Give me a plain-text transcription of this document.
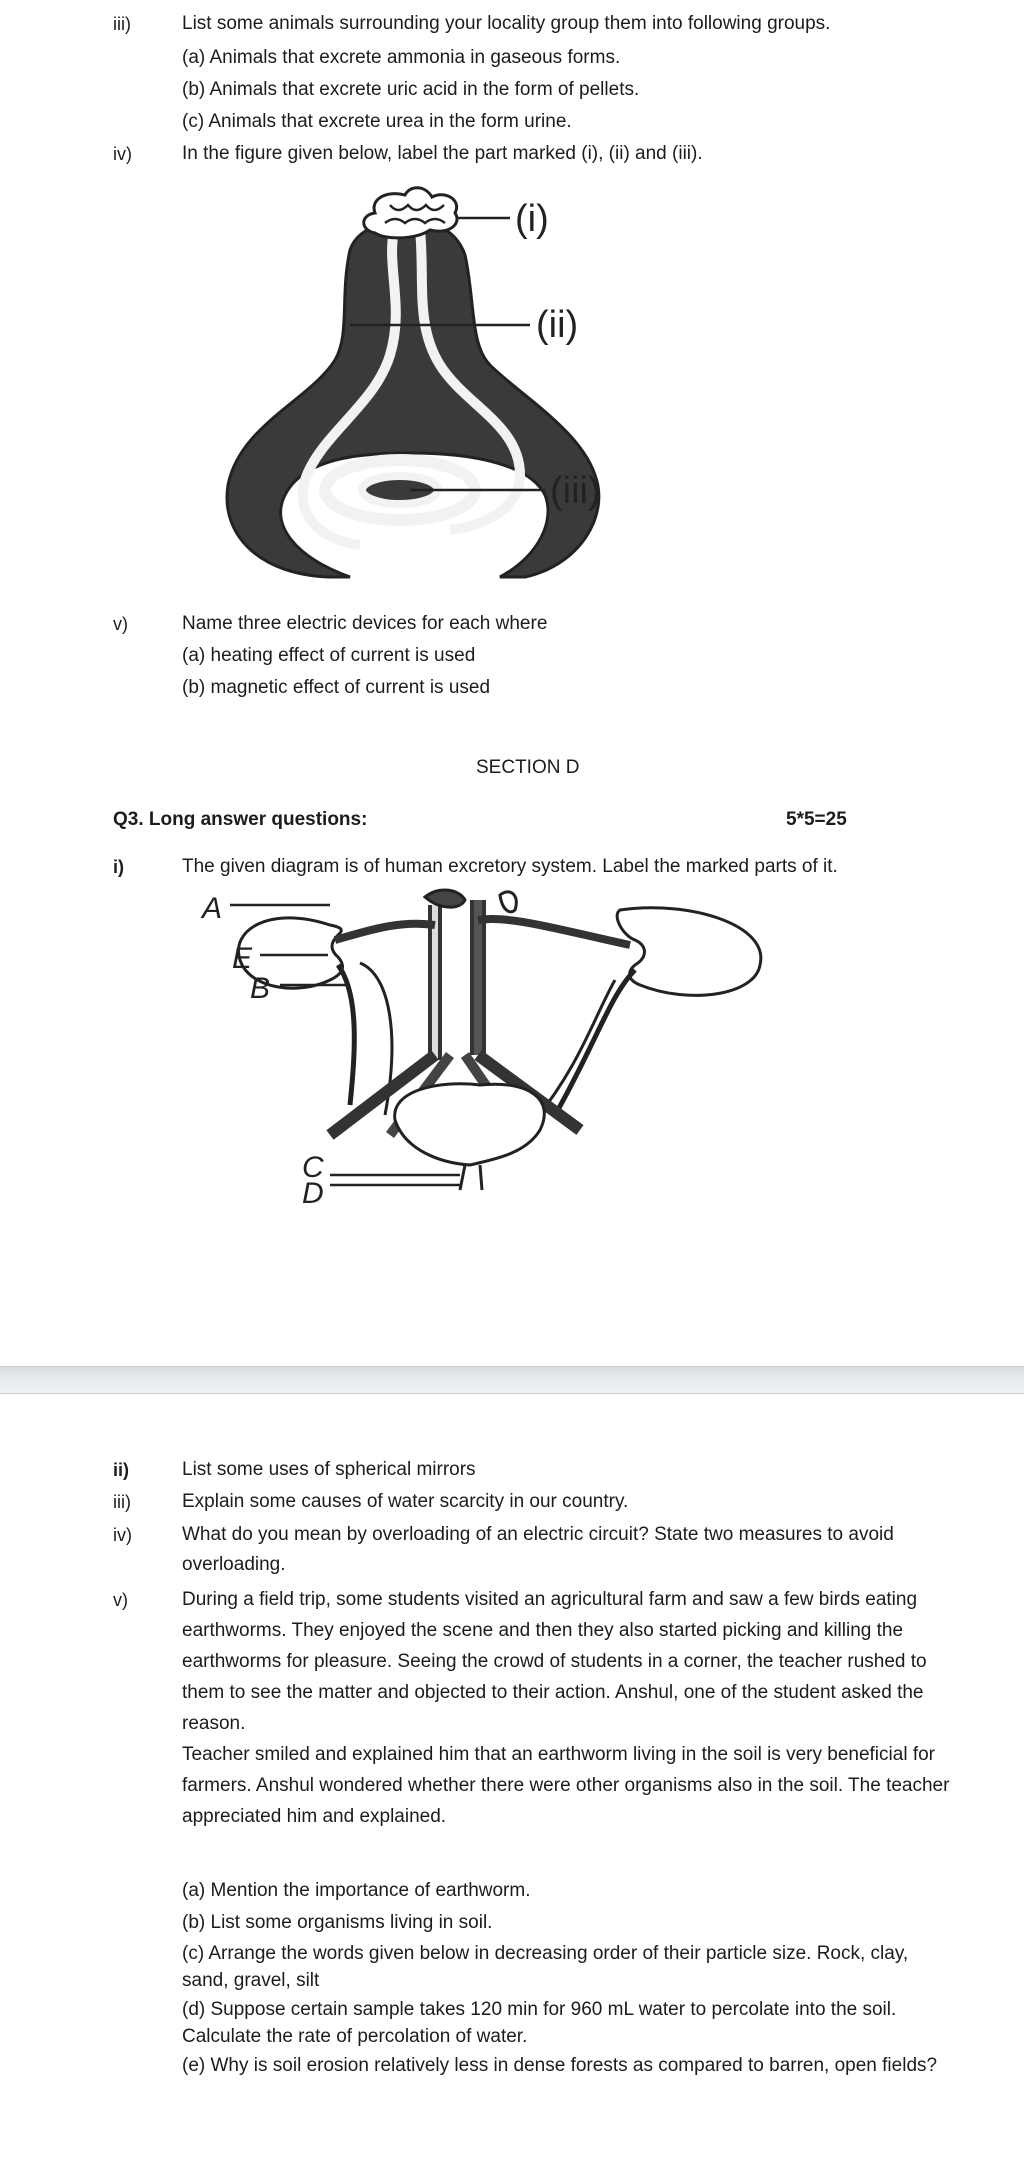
iii)	List some animals surrounding your locality group them into following groups.
(a) Animals that excrete ammonia in gaseous forms.
(b) Animals that excrete uric acid in the form of pellets.
(c) Animals that excrete urea in the form urine.
iv)	In the figure given below, label the part marked (i), (ii) and (iii).
(i)
(ii)
(iii)
v)	Name three electric devices for each where
(a) heating effect of current is used
(b) magnetic effect of current is used
SECTION D
Q3. Long answer questions:	5*5=25
i)	The given diagram is of human excretory system. Label the marked parts of it.
A
E
B
C
D
ii)	List some uses of spherical mirrors
iii)	Explain some causes of water scarcity in our country.
iv)	What do you mean by overloading of an electric circuit? State two measures to avoid overloading.
v)	During a field trip, some students visited an agricultural farm and saw a few birds eating earthworms. They enjoyed the scene and then they also started picking and killing the earthworms for pleasure. Seeing the crowd of students in a corner, the teacher rushed to them to see the matter and objected to their action. Anshul, one of the student asked the reason.
Teacher smiled and explained him that an earthworm living in the soil is very beneficial for farmers. Anshul wondered whether there were other organisms also in the soil. The teacher appreciated him and explained.
(a) Mention the importance of earthworm.
(b) List some organisms living in soil.
(c) Arrange the words given below in decreasing order of their particle size. Rock, clay, sand, gravel, silt
(d) Suppose certain sample takes 120 min for 960 mL water to percolate into the soil. Calculate the rate of percolation of water.
(e) Why is soil erosion relatively less in dense forests as compared to barren, open fields?
